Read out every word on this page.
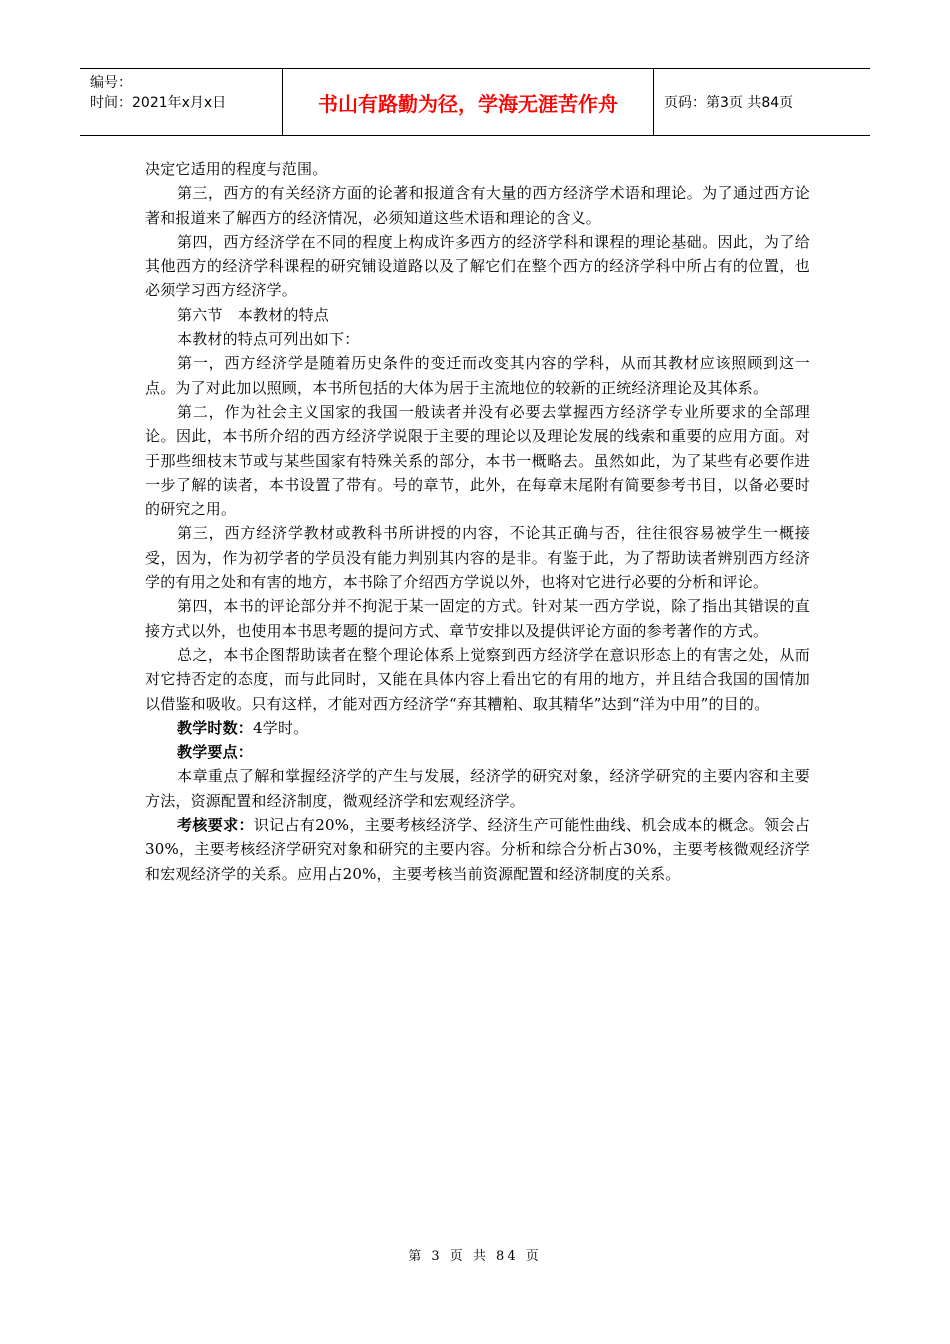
编号：
时间：2021年x月x日	书山有路勤为径，学海无涯苦作舟	页码：第3页 共84页

决定它适用的程度与范围。

第三，西方的有关经济方面的论著和报道含有大量的西方经济学术语和理论。为了通过西方论著和报道来了解西方的经济情况，必须知道这些术语和理论的含义。

第四，西方经济学在不同的程度上构成许多西方的经济学科和课程的理论基础。因此，为了给其他西方的经济学科课程的研究铺设道路以及了解它们在整个西方的经济学科中所占有的位置，也必须学习西方经济学。

第六节　本教材的特点

本教材的特点可列出如下：

第一，西方经济学是随着历史条件的变迁而改变其内容的学科，从而其教材应该照顾到这一点。为了对此加以照顾，本书所包括的大体为居于主流地位的较新的正统经济理论及其体系。

第二，作为社会主义国家的我国一般读者并没有必要去掌握西方经济学专业所要求的全部理论。因此，本书所介绍的西方经济学说限于主要的理论以及理论发展的线索和重要的应用方面。对于那些细枝末节或与某些国家有特殊关系的部分，本书一概略去。虽然如此，为了某些有必要作进一步了解的读者，本书设置了带有。号的章节，此外，在每章末尾附有简要参考书目，以备必要时的研究之用。

第三，西方经济学教材或教科书所讲授的内容，不论其正确与否，往往很容易被学生一概接受，因为，作为初学者的学员没有能力判别其内容的是非。有鉴于此，为了帮助读者辨别西方经济学的有用之处和有害的地方，本书除了介绍西方学说以外，也将对它进行必要的分析和评论。

第四，本书的评论部分并不拘泥于某一固定的方式。针对某一西方学说，除了指出其错误的直接方式以外，也使用本书思考题的提问方式、章节安排以及提供评论方面的参考著作的方式。

总之，本书企图帮助读者在整个理论体系上觉察到西方经济学在意识形态上的有害之处，从而对它持否定的态度，而与此同时，又能在具体内容上看出它的有用的地方，并且结合我国的国情加以借鉴和吸收。只有这样，才能对西方经济学“弃其糟粕、取其精华”达到“洋为中用”的目的。

教学时数：4学时。

教学要点：

本章重点了解和掌握经济学的产生与发展，经济学的研究对象，经济学研究的主要内容和主要方法，资源配置和经济制度，微观经济学和宏观经济学。

考核要求：识记占有20%，主要考核经济学、经济生产可能性曲线、机会成本的概念。领会占30%，主要考核经济学研究对象和研究的主要内容。分析和综合分析占30%，主要考核微观经济学和宏观经济学的关系。应用占20%，主要考核当前资源配置和经济制度的关系。

第 3 页 共 84 页
